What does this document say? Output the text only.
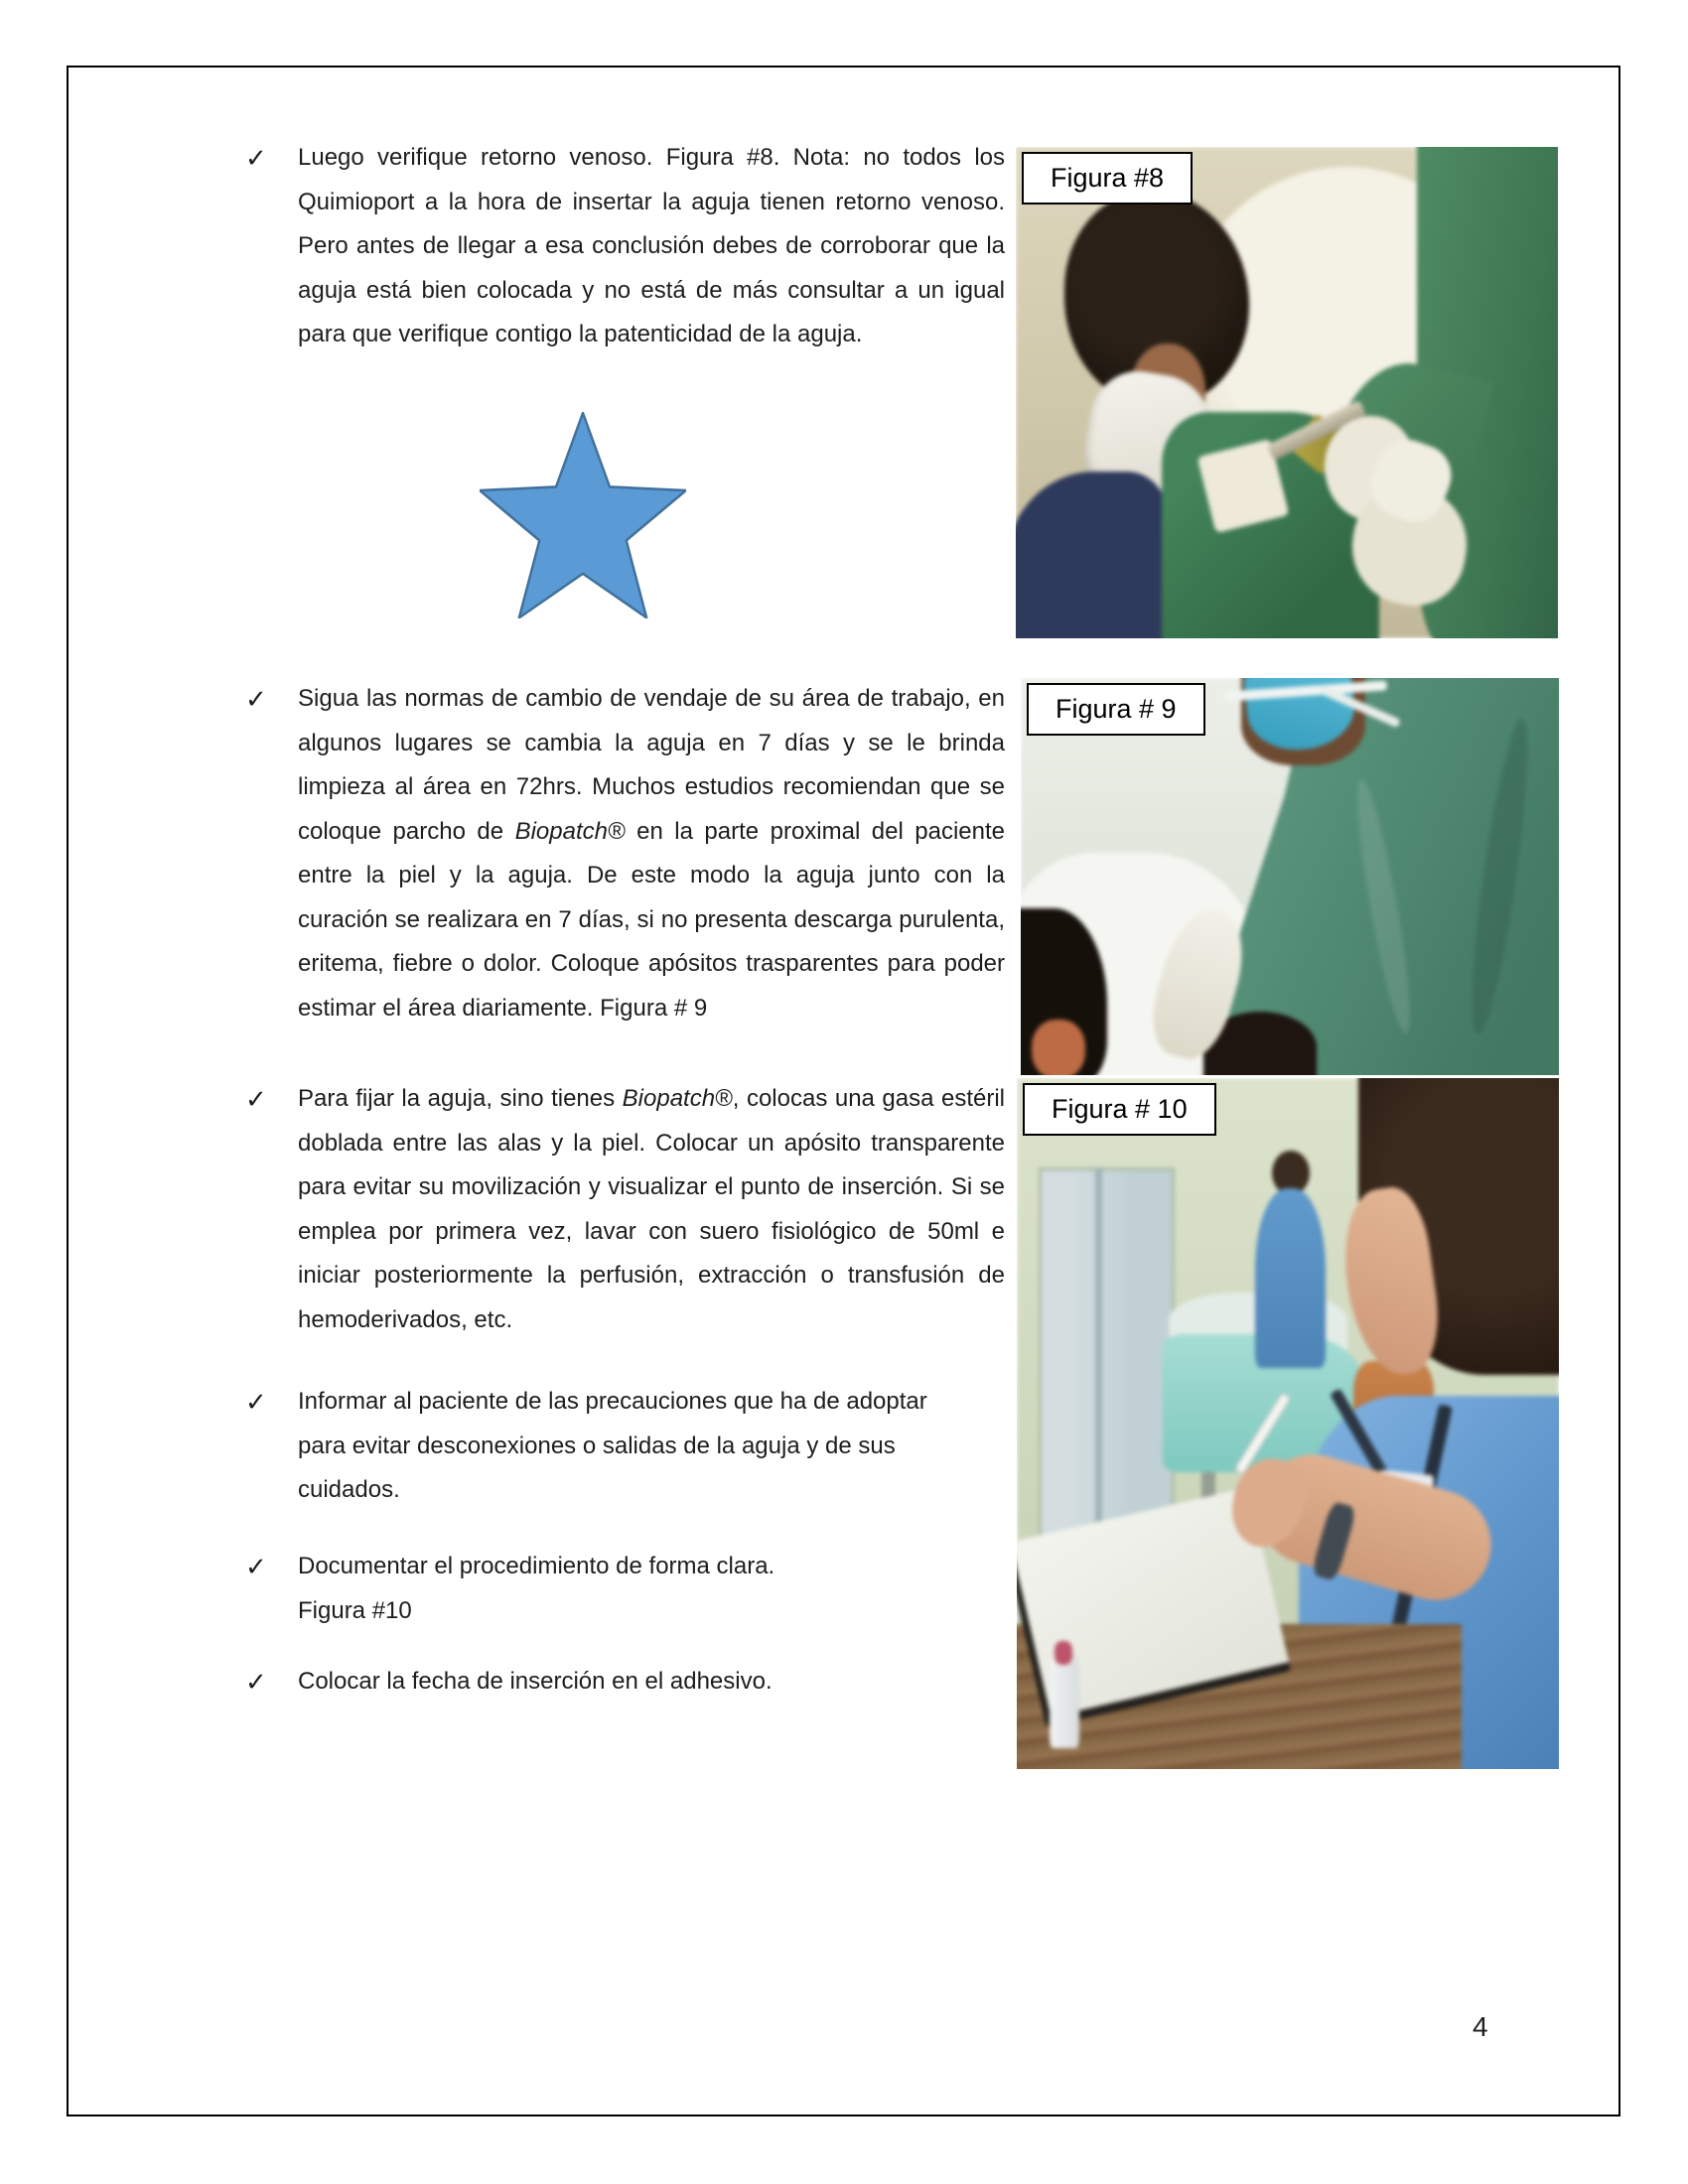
✓	Luego verifique retorno venoso. Figura #8. Nota: no todos los Quimioport a la hora de insertar la aguja tienen retorno venoso. Pero antes de llegar a esa conclusión debes de corroborar que la aguja está bien colocada y no está de más consultar a un igual para que verifique contigo la patenticidad de la aguja.

✓	Sigua las normas de cambio de vendaje de su área de trabajo, en algunos lugares se cambia la aguja en 7 días y se le brinda limpieza al área en 72hrs. Muchos estudios recomiendan que se coloque parcho de Biopatch® en la parte proximal del paciente entre la piel y la aguja. De este modo la aguja junto con la curación se realizara en 7 días, si no presenta descarga purulenta, eritema, fiebre o dolor. Coloque apósitos trasparentes para poder estimar el área diariamente. Figura # 9

✓	Para fijar la aguja, sino tienes Biopatch®, colocas una gasa estéril doblada entre las alas y la piel. Colocar un apósito transparente para evitar su movilización y visualizar el punto de inserción. Si se emplea por primera vez, lavar con suero fisiológico de 50ml e iniciar posteriormente la perfusión, extracción o transfusión de hemoderivados, etc.

✓	Informar al paciente de las precauciones que ha de adoptar para evitar desconexiones o salidas de la aguja y de sus cuidados.

✓	Documentar el procedimiento de forma clara.
Figura #10

✓	Colocar la fecha de inserción en el adhesivo.

Figura #8
Figura # 9
Figura # 10
4
